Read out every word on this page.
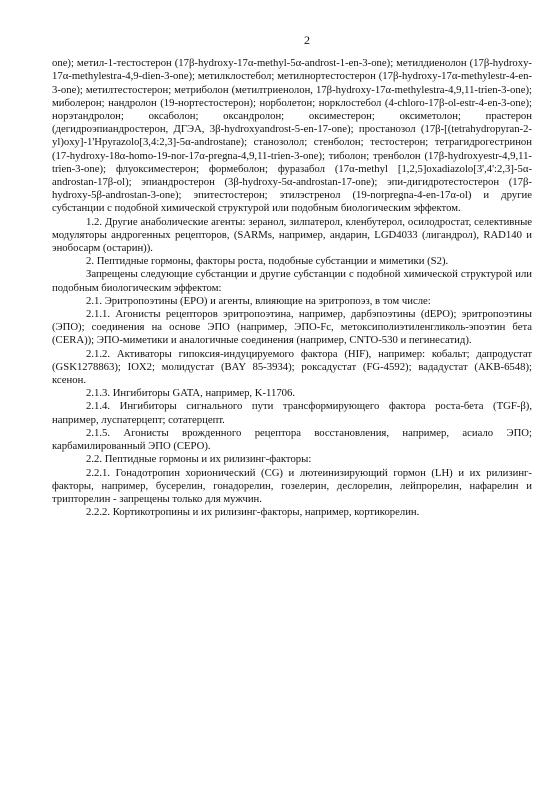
2

one); метил-1-тестостерон (17β-hydroxy-17α-methyl-5α-androst-1-en-3-one); метилдиенолон (17β-hydroxy-17α-methylestra-4,9-dien-3-one); метилклостебол; метилнортестостерон (17β-hydroxy-17α-methylestr-4-en-3-one); метилтестостерон; метриболон (метилтриенолон, 17β-hydroxy-17α-methylestra-4,9,11-trien-3-one); миболерон; нандролон (19-нортестостерон); норболетон; норклостебол (4-chloro-17β-ol-estr-4-en-3-one); норэтандролон; оксаболон; оксандролон; оксиместерон; оксиметолон; прастерон (дегидроэпиандростерон, ДГЭА, 3β-hydroxyandrost-5-en-17-one); простанозол (17β-[(tetrahydropyran-2-yl)oxy]-1'Hpyrazolo[3,4:2,3]-5α-androstane); станозолол; стенболон; тестостерон; тетрагидрогестринон (17-hydroxy-18α-homo-19-nor-17α-pregna-4,9,11-trien-3-one); тиболон; тренболон (17β-hydroxyestr-4,9,11-trien-3-one); флуоксиместерон; формеболон; фуразабол (17α-methyl [1,2,5]oxadiazolo[3',4':2,3]-5α-androstan-17β-ol); эпиандростерон (3β-hydroxy-5α-androstan-17-one); эпи-дигидротестостерон (17β-hydroxy-5β-androstan-3-one); эпитестостерон; этилэстренол (19-norpregna-4-en-17α-ol) и другие субстанции с подобной химической структурой или подобным биологическим эффектом.

1.2. Другие анаболические агенты: зеранол, зилпатерол, кленбутерол, осилодростат, селективные модуляторы андрогенных рецепторов, (SARMs, например, андарин, LGD4033 (лигандрол), RAD140 и энобосарм (остарин)).

2. Пептидные гормоны, факторы роста, подобные субстанции и миметики (S2).

Запрещены следующие субстанции и другие субстанции с подобной химической структурой или подобным биологическим эффектом:

2.1. Эритропоэтины (ЕРО) и агенты, влияющие на эритропоэз, в том числе:

2.1.1. Агонисты рецепторов эритропоэтина, например, дарбэпоэтины (dEPO); эритропоэтины (ЭПО); соединения на основе ЭПО (например, ЭПО-Fc, метоксиполиэтиленгликоль-эпоэтин бета (CERA)); ЭПО-миметики и аналогичные соединения (например, CNTO-530 и пегинесатид).

2.1.2. Активаторы гипоксия-индуцируемого фактора (HIF), например: кобальт; дапродустат (GSK1278863); IOX2; молидустат (BAY 85-3934); роксадустат (FG-4592); вададустат (AKB-6548); ксенон.

2.1.3. Ингибиторы GATA, например, K-11706.

2.1.4. Ингибиторы сигнального пути трансформирующего фактора роста-бета (TGF-β), например, луспатерцепт; сотатерцепт.

2.1.5. Агонисты врожденного рецептора восстановления, например, асиало ЭПО; карбамилированный ЭПО (СЕРО).

2.2. Пептидные гормоны и их рилизинг-факторы:

2.2.1. Гонадотропин хорионический (CG) и лютеинизирующий гормон (LH) и их рилизинг-факторы, например, бусерелин, гонадорелин, гозелерин, деслорелин, лейпрорелин, нафарелин и трипторелин - запрещены только для мужчин.

2.2.2. Кортикотропины и их рилизинг-факторы, например, кортикорелин.
